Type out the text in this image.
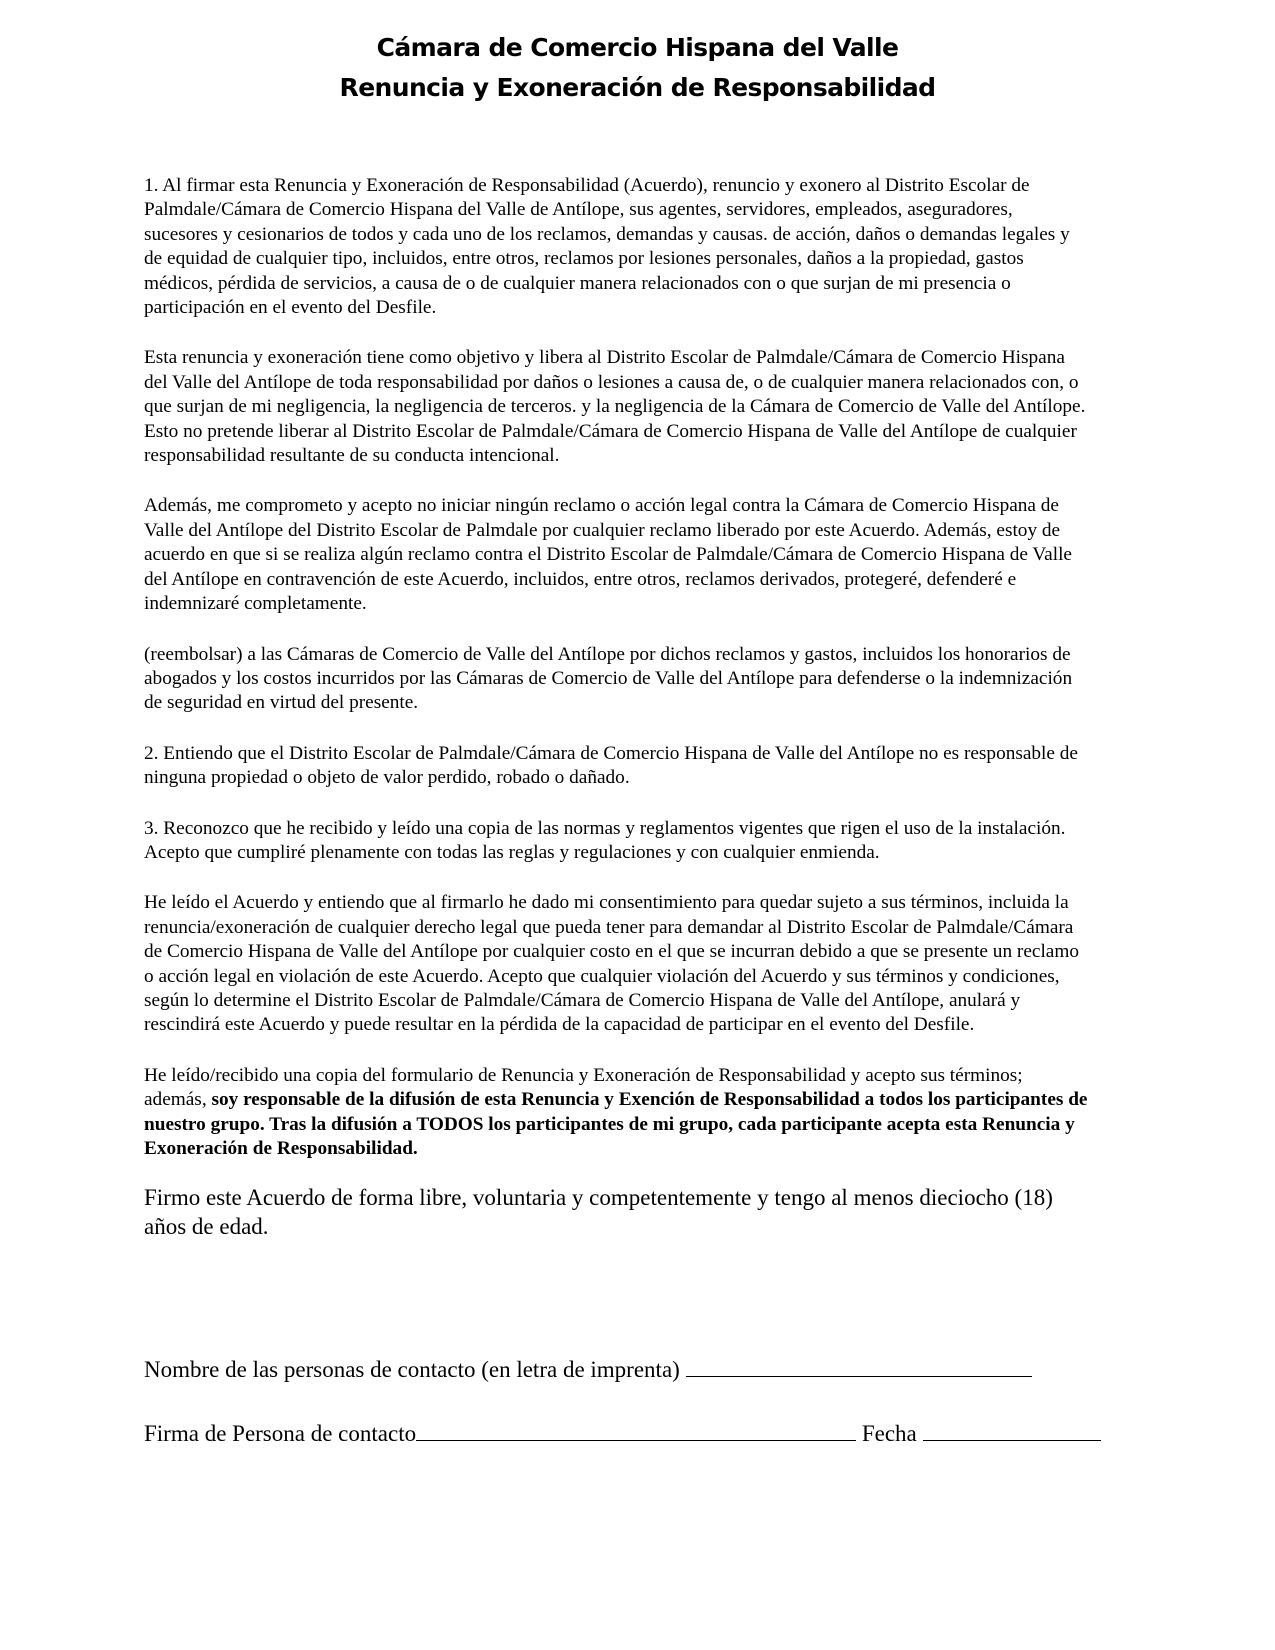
Cámara de Comercio Hispana del Valle
Renuncia y Exoneración de Responsabilidad

1. Al firmar esta Renuncia y Exoneración de Responsabilidad (Acuerdo), renuncio y exonero al Distrito Escolar de Palmdale/Cámara de Comercio Hispana del Valle de Antílope, sus agentes, servidores, empleados, aseguradores, sucesores y cesionarios de todos y cada uno de los reclamos, demandas y causas. de acción, daños o demandas legales y de equidad de cualquier tipo, incluidos, entre otros, reclamos por lesiones personales, daños a la propiedad, gastos médicos, pérdida de servicios, a causa de o de cualquier manera relacionados con o que surjan de mi presencia o participación en el evento del Desfile.

Esta renuncia y exoneración tiene como objetivo y libera al Distrito Escolar de Palmdale/Cámara de Comercio Hispana del Valle del Antílope de toda responsabilidad por daños o lesiones a causa de, o de cualquier manera relacionados con, o que surjan de mi negligencia, la negligencia de terceros. y la negligencia de la Cámara de Comercio de Valle del Antílope. Esto no pretende liberar al Distrito Escolar de Palmdale/Cámara de Comercio Hispana de Valle del Antílope de cualquier responsabilidad resultante de su conducta intencional.

Además, me comprometo y acepto no iniciar ningún reclamo o acción legal contra la Cámara de Comercio Hispana de Valle del Antílope del Distrito Escolar de Palmdale por cualquier reclamo liberado por este Acuerdo. Además, estoy de acuerdo en que si se realiza algún reclamo contra el Distrito Escolar de Palmdale/Cámara de Comercio Hispana de Valle del Antílope en contravención de este Acuerdo, incluidos, entre otros, reclamos derivados, protegeré, defenderé e indemnizaré completamente.

(reembolsar) a las Cámaras de Comercio de Valle del Antílope por dichos reclamos y gastos, incluidos los honorarios de abogados y los costos incurridos por las Cámaras de Comercio de Valle del Antílope para defenderse o la indemnización de seguridad en virtud del presente.

2. Entiendo que el Distrito Escolar de Palmdale/Cámara de Comercio Hispana de Valle del Antílope no es responsable de ninguna propiedad o objeto de valor perdido, robado o dañado.

3. Reconozco que he recibido y leído una copia de las normas y reglamentos vigentes que rigen el uso de la instalación. Acepto que cumpliré plenamente con todas las reglas y regulaciones y con cualquier enmienda.

He leído el Acuerdo y entiendo que al firmarlo he dado mi consentimiento para quedar sujeto a sus términos, incluida la renuncia/exoneración de cualquier derecho legal que pueda tener para demandar al Distrito Escolar de Palmdale/Cámara de Comercio Hispana de Valle del Antílope por cualquier costo en el que se incurran debido a que se presente un reclamo o acción legal en violación de este Acuerdo. Acepto que cualquier violación del Acuerdo y sus términos y condiciones, según lo determine el Distrito Escolar de Palmdale/Cámara de Comercio Hispana de Valle del Antílope, anulará y rescindirá este Acuerdo y puede resultar en la pérdida de la capacidad de participar en el evento del Desfile.

He leído/recibido una copia del formulario de Renuncia y Exoneración de Responsabilidad y acepto sus términos; además, soy responsable de la difusión de esta Renuncia y Exención de Responsabilidad a todos los participantes de nuestro grupo. Tras la difusión a TODOS los participantes de mi grupo, cada participante acepta esta Renuncia y Exoneración de Responsabilidad.

Firmo este Acuerdo de forma libre, voluntaria y competentemente y tengo al menos dieciocho (18) años de edad.

Nombre de las personas de contacto (en letra de imprenta)
Firma de Persona de contacto	Fecha
